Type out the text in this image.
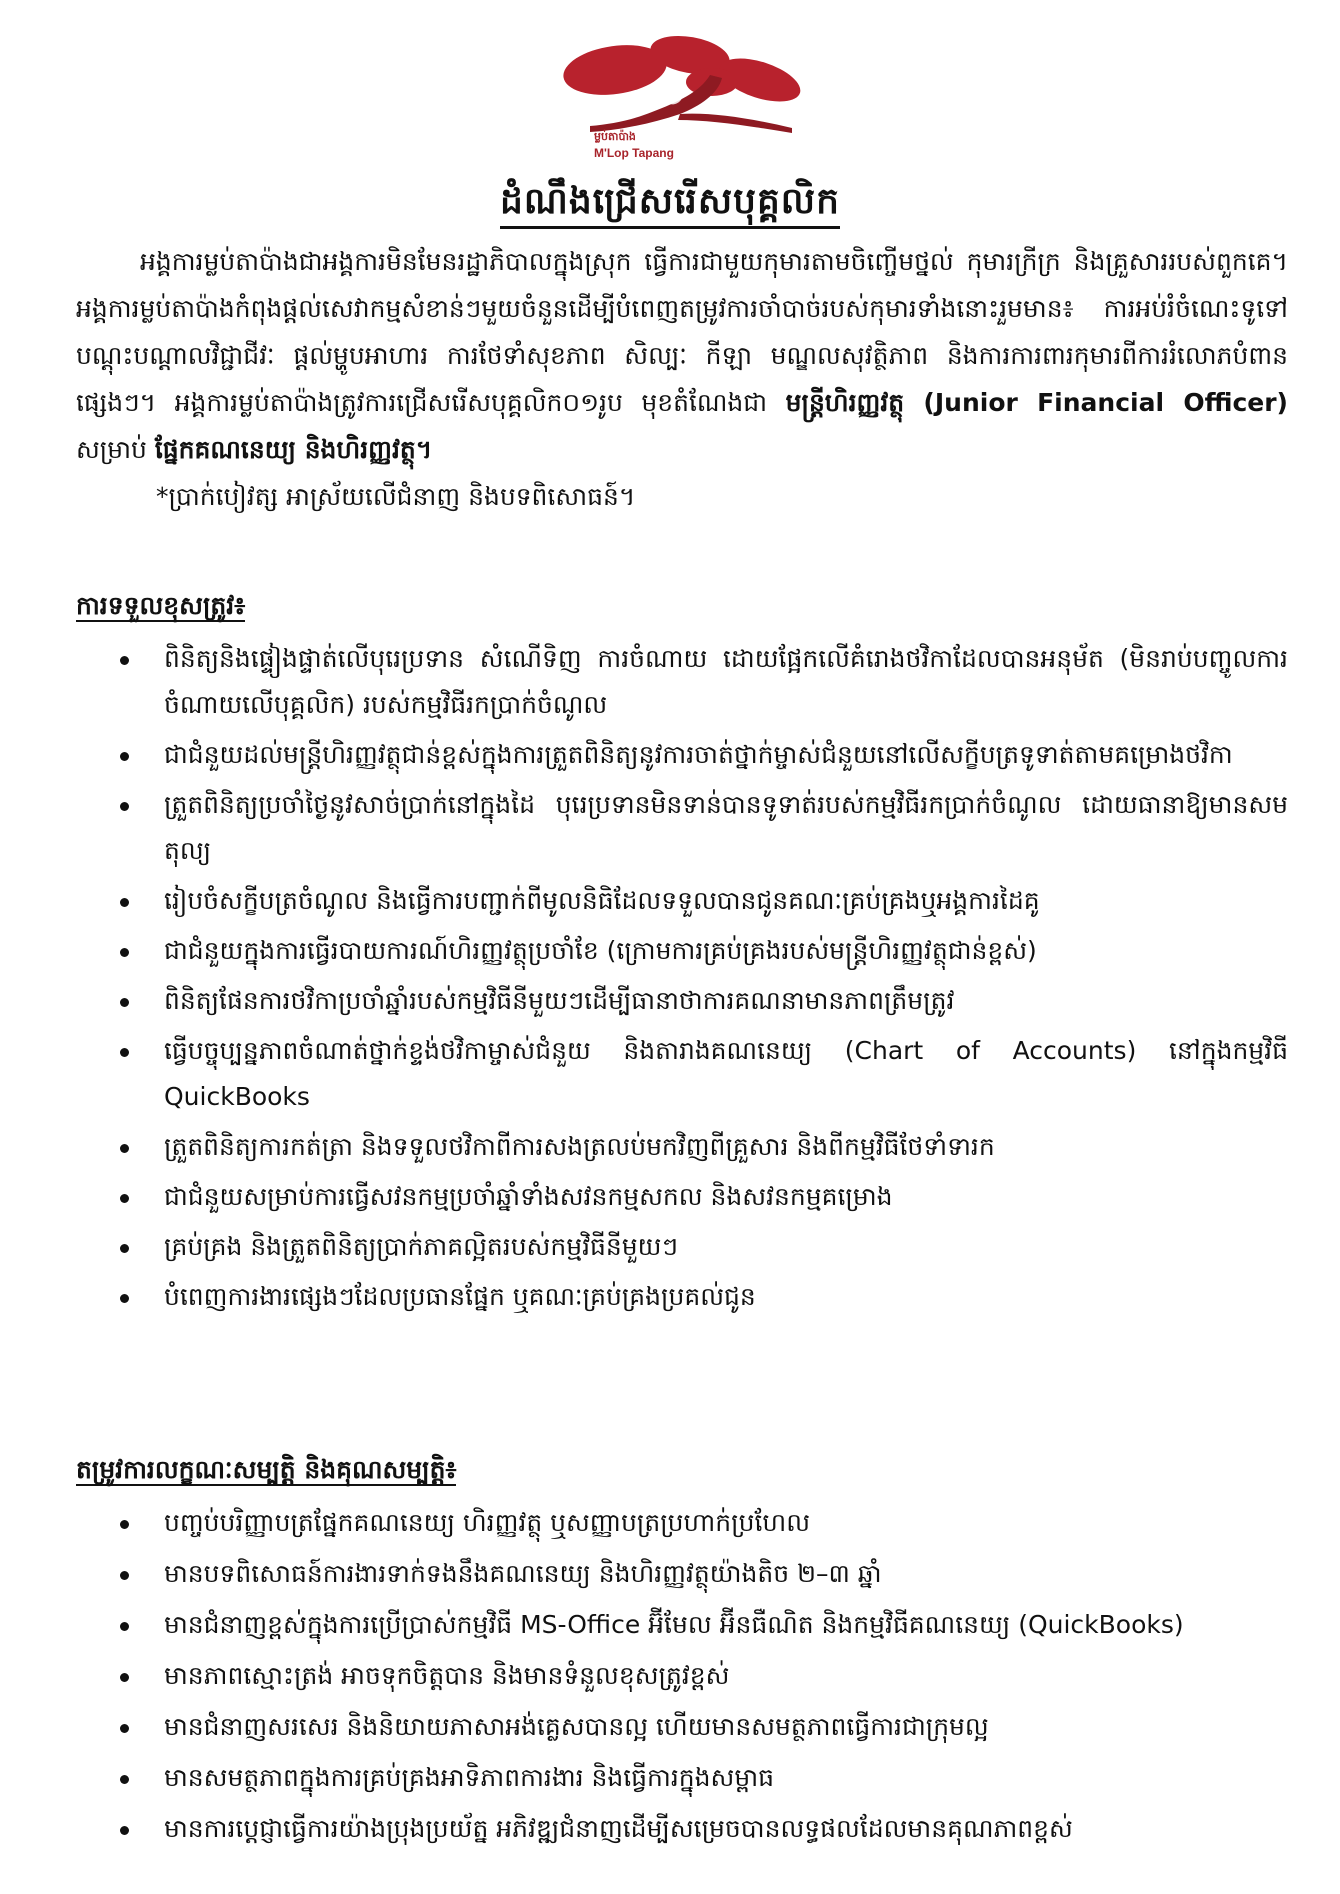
ម្លប់តាប៉ាង
M'Lop Tapang
ដំណឹងជ្រើសរើសបុគ្គលិក

អង្គការម្លប់តាប៉ាងជាអង្គការមិនមែនរដ្ឋាភិបាលក្នុងស្រុក ធ្វើការជាមួយកុមារតាមចិញ្ចើមថ្នល់ កុមារក្រីក្រ និងគ្រួសាររបស់ពួកគេ។ អង្គការម្លប់តាប៉ាងកំពុងផ្តល់សេវាកម្មសំខាន់ៗមួយចំនួនដើម្បីបំពេញតម្រូវការចាំបាច់របស់កុមារទាំងនោះរួមមាន៖ ការអប់រំចំណេះទូទៅបណ្តុះបណ្តាលវិជ្ជាជីវៈ ផ្តល់ម្ហូបអាហារ ការថែទាំសុខភាព សិល្បៈ កីឡា មណ្ឌលសុវត្ថិភាព និងការការពារកុមារពីការរំលោភបំពានផ្សេងៗ។ អង្គការម្លប់តាប៉ាងត្រូវការជ្រើសរើសបុគ្គលិក០១រូប មុខតំណែងជា មន្ត្រីហិរញ្ញវត្ថុ (Junior Financial Officer) សម្រាប់ ផ្នែកគណនេយ្យ និងហិរញ្ញវត្ថុ។

*ប្រាក់បៀវត្ស អាស្រ័យលើជំនាញ និងបទពិសោធន៍។

ការទទួលខុសត្រូវ៖
ពិនិត្យនិងផ្ទៀងផ្ទាត់លើបុរេប្រទាន សំណើទិញ ការចំណាយ ដោយផ្អែកលើគំរោងថវិកាដែលបានអនុម័ត (មិនរាប់បញ្ចូលការចំណាយលើបុគ្គលិក) របស់កម្មវិធីរកប្រាក់ចំណូល
ជាជំនួយដល់មន្ត្រីហិរញ្ញវត្ថុជាន់ខ្ពស់ក្នុងការត្រួតពិនិត្យនូវការចាត់ថ្នាក់ម្ចាស់ជំនួយនៅលើសក្ខីបត្រទូទាត់តាមគម្រោងថវិកា
ត្រួតពិនិត្យប្រចាំថ្ងៃនូវសាច់ប្រាក់នៅក្នុងដៃ បុរេប្រទានមិនទាន់បានទូទាត់របស់កម្មវិធីរកប្រាក់ចំណូល ដោយធានាឱ្យមានសមតុល្យ
រៀបចំសក្ខីបត្រចំណូល និងធ្វើការបញ្ជាក់ពីមូលនិធិដែលទទួលបានជូនគណៈគ្រប់គ្រងឬអង្គការដៃគូ
ជាជំនួយក្នុងការធ្វើរបាយការណ៍ហិរញ្ញវត្ថុប្រចាំខែ (ក្រោមការគ្រប់គ្រងរបស់មន្ត្រីហិរញ្ញវត្ថុជាន់ខ្ពស់)
ពិនិត្យផែនការថវិកាប្រចាំឆ្នាំរបស់កម្មវិធីនីមួយៗដើម្បីធានាថាការគណនាមានភាពត្រឹមត្រូវ
ធ្វើបច្ចុប្បន្នភាពចំណាត់ថ្នាក់ខ្ទង់ថវិកាម្ចាស់ជំនួយ និងតារាងគណនេយ្យ (Chart of Accounts) នៅក្នុងកម្មវិធី QuickBooks
ត្រួតពិនិត្យការកត់ត្រា និងទទួលថវិកាពីការសងត្រលប់មកវិញពីគ្រួសារ និងពីកម្មវិធីថែទាំទារក
ជាជំនួយសម្រាប់ការធ្វើសវនកម្មប្រចាំឆ្នាំទាំងសវនកម្មសកល និងសវនកម្មគម្រោង
គ្រប់គ្រង និងត្រួតពិនិត្យប្រាក់ភាគល្អិតរបស់កម្មវិធីនីមួយៗ
បំពេញការងារផ្សេងៗដែលប្រធានផ្នែក ឬគណៈគ្រប់គ្រងប្រគល់ជូន
តម្រូវការលក្ខណៈសម្បត្តិ និងគុណសម្បត្តិ៖
បញ្ចប់បរិញ្ញាបត្រផ្នែកគណនេយ្យ ហិរញ្ញវត្ថុ ឬសញ្ញាបត្រប្រហាក់ប្រហែល
មានបទពិសោធន៍ការងារទាក់ទងនឹងគណនេយ្យ និងហិរញ្ញវត្ថុយ៉ាងតិច ២–៣ ឆ្នាំ
មានជំនាញខ្ពស់ក្នុងការប្រើប្រាស់កម្មវិធី MS-Office អ៊ីមែល អ៊ីនធឺណិត និងកម្មវិធីគណនេយ្យ (QuickBooks)
មានភាពស្មោះត្រង់ អាចទុកចិត្តបាន និងមានទំនួលខុសត្រូវខ្ពស់
មានជំនាញសរសេរ និងនិយាយភាសាអង់គ្លេសបានល្អ ហើយមានសមត្ថភាពធ្វើការជាក្រុមល្អ
មានសមត្ថភាពក្នុងការគ្រប់គ្រងអាទិភាពការងារ និងធ្វើការក្នុងសម្ពាធ
មានការប្តេជ្ញាធ្វើការយ៉ាងប្រុងប្រយ័ត្ន អភិវឌ្ឍជំនាញដើម្បីសម្រេចបានលទ្ធផលដែលមានគុណភាពខ្ពស់
